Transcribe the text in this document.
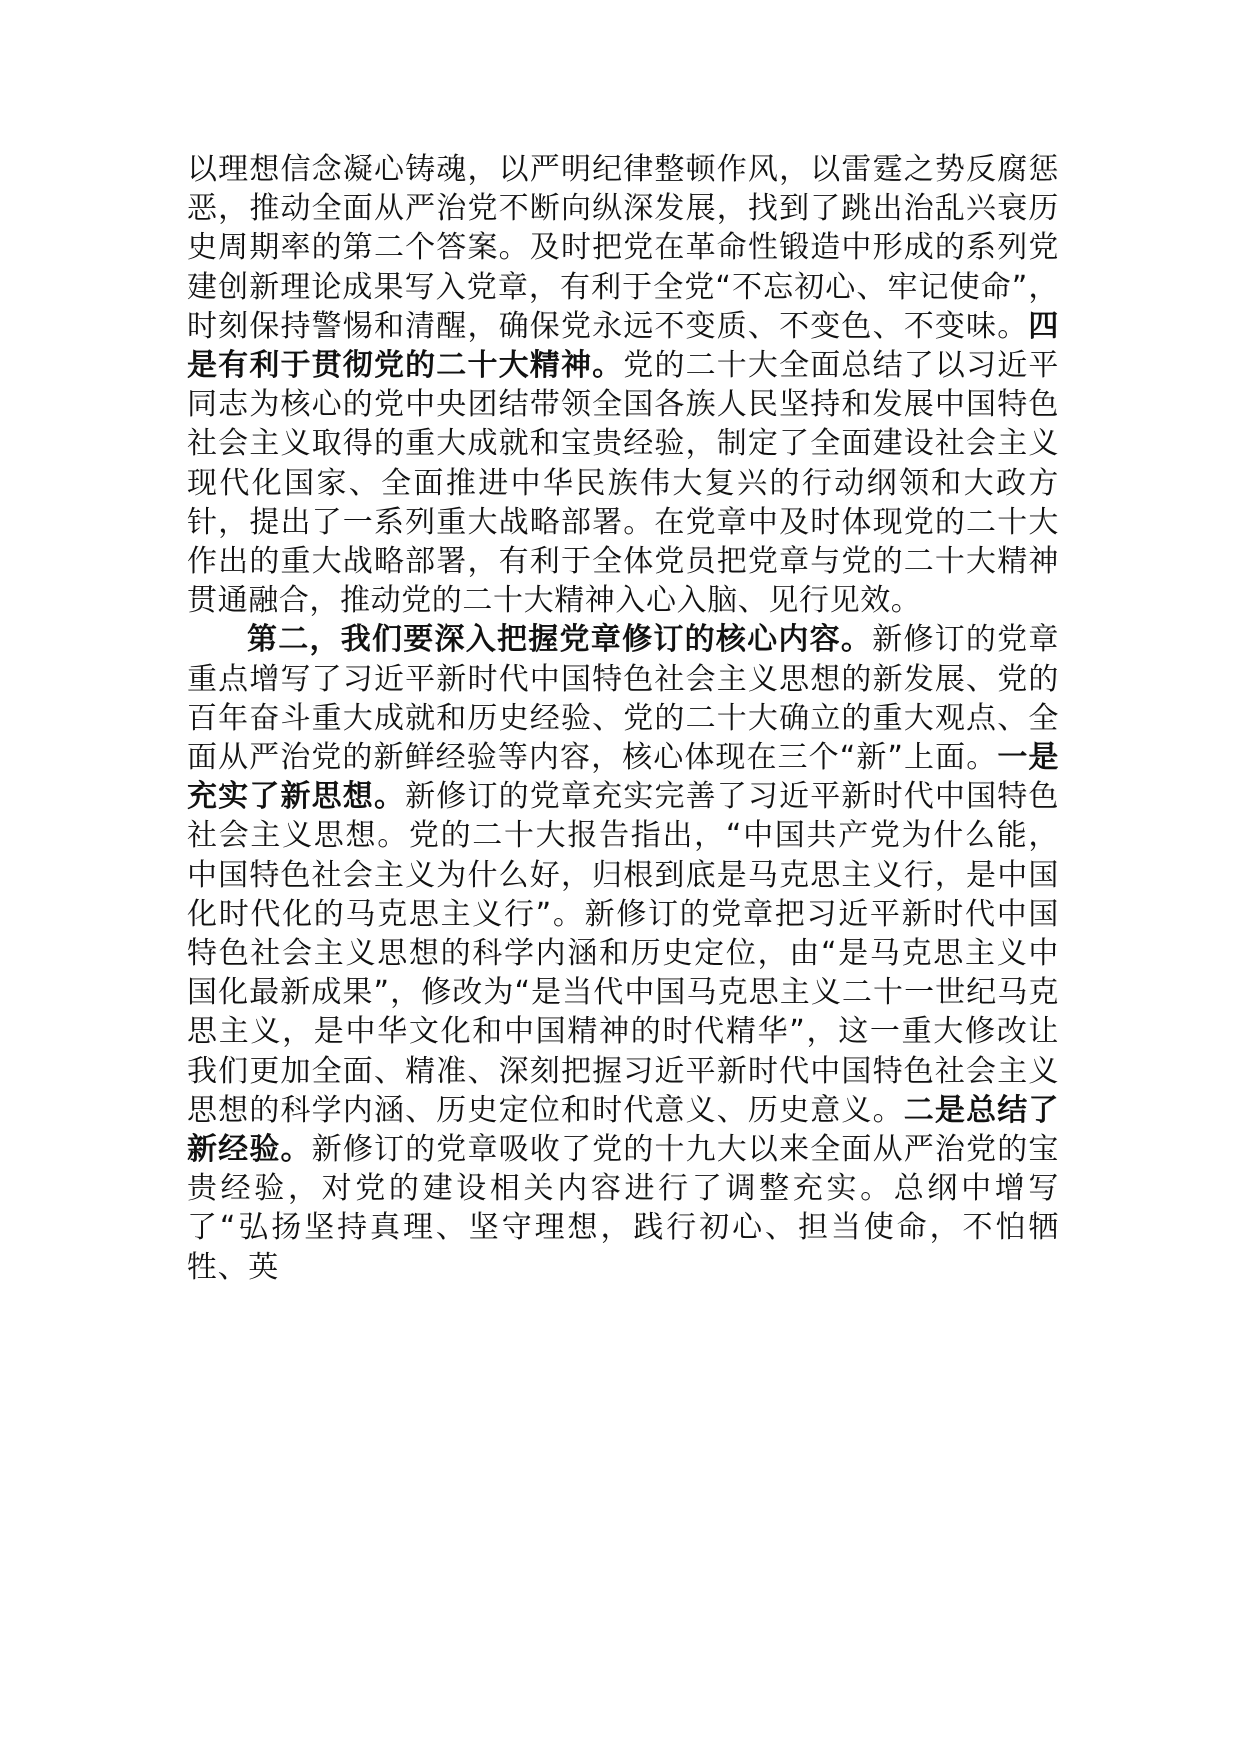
以理想信念凝心铸魂，以严明纪律整顿作风，以雷霆之势反腐惩恶，推动全面从严治党不断向纵深发展，找到了跳出治乱兴衰历史周期率的第二个答案。及时把党在革命性锻造中形成的系列党建创新理论成果写入党章，有利于全党“不忘初心、牢记使命”，时刻保持警惕和清醒，确保党永远不变质、不变色、不变味。四是有利于贯彻党的二十大精神。党的二十大全面总结了以习近平同志为核心的党中央团结带领全国各族人民坚持和发展中国特色社会主义取得的重大成就和宝贵经验，制定了全面建设社会主义现代化国家、全面推进中华民族伟大复兴的行动纲领和大政方针，提出了一系列重大战略部署。在党章中及时体现党的二十大作出的重大战略部署，有利于全体党员把党章与党的二十大精神贯通融合，推动党的二十大精神入心入脑、见行见效。

第二，我们要深入把握党章修订的核心内容。新修订的党章重点增写了习近平新时代中国特色社会主义思想的新发展、党的百年奋斗重大成就和历史经验、党的二十大确立的重大观点、全面从严治党的新鲜经验等内容，核心体现在三个“新”上面。一是充实了新思想。新修订的党章充实完善了习近平新时代中国特色社会主义思想。党的二十大报告指出，“中国共产党为什么能，中国特色社会主义为什么好，归根到底是马克思主义行，是中国化时代化的马克思主义行”。新修订的党章把习近平新时代中国特色社会主义思想的科学内涵和历史定位，由“是马克思主义中国化最新成果”，修改为“是当代中国马克思主义二十一世纪马克思主义，是中华文化和中国精神的时代精华”，这一重大修改让我们更加全面、精准、深刻把握习近平新时代中国特色社会主义思想的科学内涵、历史定位和时代意义、历史意义。二是总结了新经验。新修订的党章吸收了党的十九大以来全面从严治党的宝贵经验，对党的建设相关内容进行了调整充实。总纲中增写了“弘扬坚持真理、坚守理想，践行初心、担当使命，不怕牺牲、英
